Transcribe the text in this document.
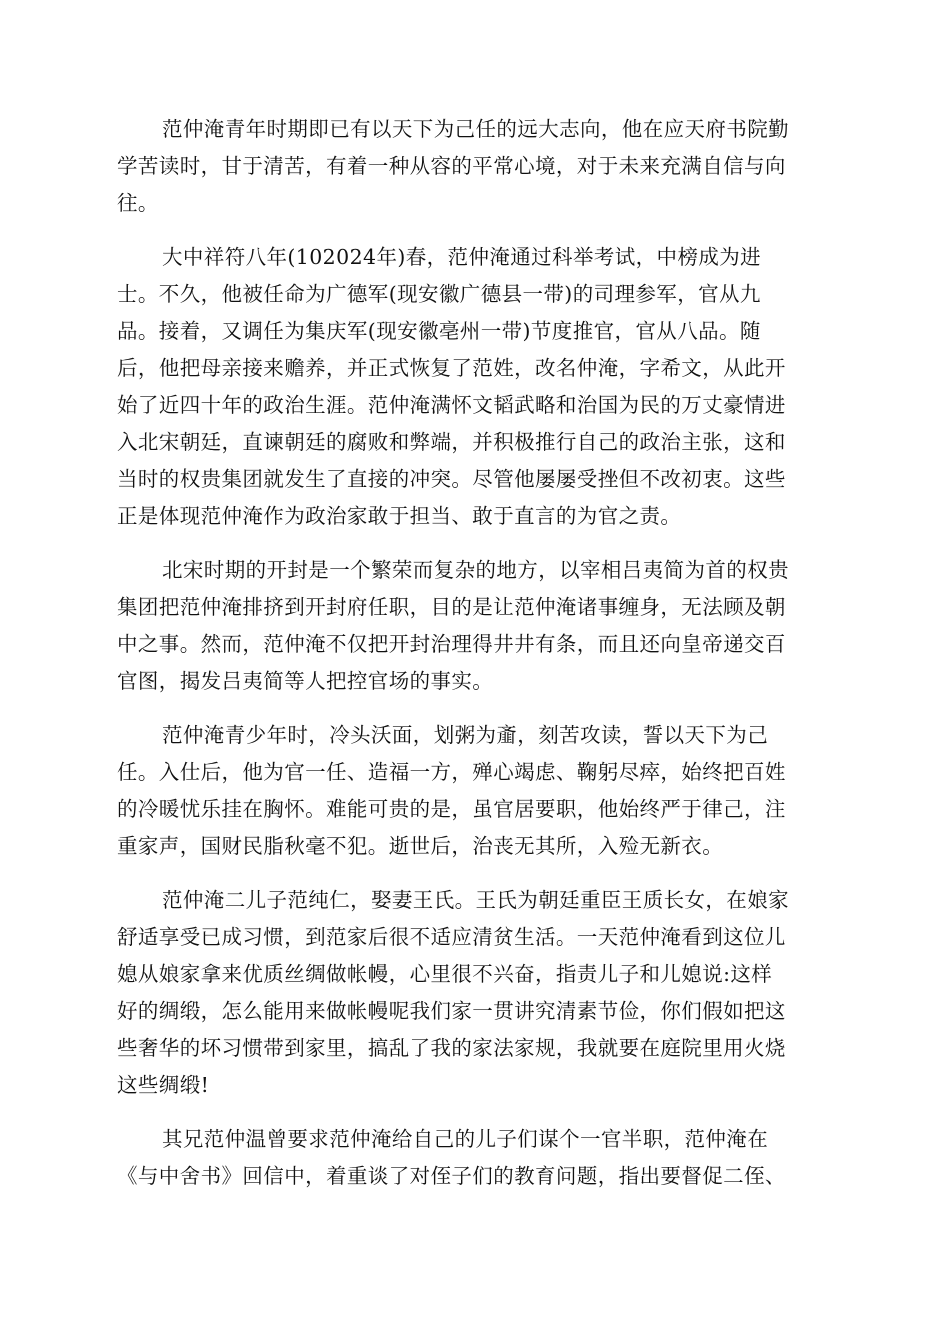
范仲淹青年时期即已有以天下为己任的远大志向，他在应天府书院勤
学苦读时，甘于清苦，有着一种从容的平常心境，对于未来充满自信与向
往。

大中祥符八年(102024年)春，范仲淹通过科举考试，中榜成为进
士。不久，他被任命为广德军(现安徽广德县一带)的司理参军，官从九
品。接着，又调任为集庆军(现安徽亳州一带)节度推官，官从八品。随
后，他把母亲接来赡养，并正式恢复了范姓，改名仲淹，字希文，从此开
始了近四十年的政治生涯。范仲淹满怀文韬武略和治国为民的万丈豪情进
入北宋朝廷，直谏朝廷的腐败和弊端，并积极推行自己的政治主张，这和
当时的权贵集团就发生了直接的冲突。尽管他屡屡受挫但不改初衷。这些
正是体现范仲淹作为政治家敢于担当、敢于直言的为官之责。

北宋时期的开封是一个繁荣而复杂的地方，以宰相吕夷简为首的权贵
集团把范仲淹排挤到开封府任职，目的是让范仲淹诸事缠身，无法顾及朝
中之事。然而，范仲淹不仅把开封治理得井井有条，而且还向皇帝递交百
官图，揭发吕夷简等人把控官场的事实。

范仲淹青少年时，冷头沃面，划粥为齑，刻苦攻读，誓以天下为己
任。入仕后，他为官一任、造福一方，殚心竭虑、鞠躬尽瘁，始终把百姓
的冷暖忧乐挂在胸怀。难能可贵的是，虽官居要职，他始终严于律己，注
重家声，国财民脂秋毫不犯。逝世后，治丧无其所，入殓无新衣。

范仲淹二儿子范纯仁，娶妻王氏。王氏为朝廷重臣王质长女，在娘家
舒适享受已成习惯，到范家后很不适应清贫生活。一天范仲淹看到这位儿
媳从娘家拿来优质丝绸做帐幔，心里很不兴奋，指责儿子和儿媳说:这样
好的绸缎，怎么能用来做帐幔呢我们家一贯讲究清素节俭，你们假如把这
些奢华的坏习惯带到家里，搞乱了我的家法家规，我就要在庭院里用火烧
这些绸缎!

其兄范仲温曾要求范仲淹给自己的儿子们谋个一官半职，范仲淹在
《与中舍书》回信中，着重谈了对侄子们的教育问题，指出要督促二侄、
